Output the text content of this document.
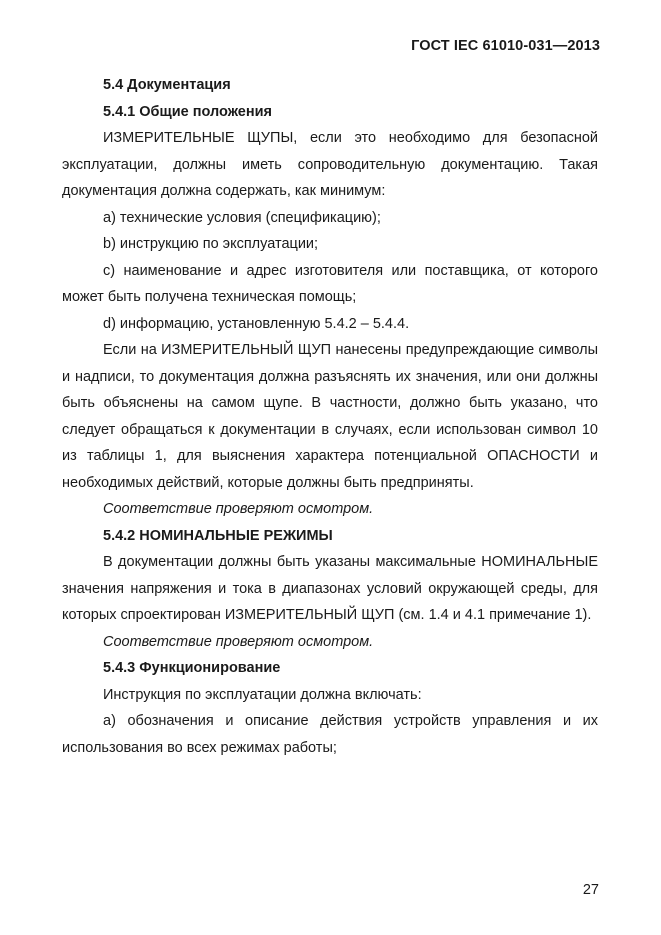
ГОСТ IEC 61010-031—2013

5.4 Документация

5.4.1 Общие положения

ИЗМЕРИТЕЛЬНЫЕ ЩУПЫ, если это необходимо для безопасной эксплуатации, должны иметь сопроводительную документацию. Такая документация должна содержать, как минимум:

a) технические условия (спецификацию);

b) инструкцию по эксплуатации;

c) наименование и адрес изготовителя или поставщика, от которого может быть получена техническая помощь;

d) информацию, установленную 5.4.2 – 5.4.4.

Если на ИЗМЕРИТЕЛЬНЫЙ ЩУП нанесены предупреждающие символы и надписи, то документация должна разъяснять их значения, или они должны быть объяснены на самом щупе. В частности, должно быть указано, что следует обращаться к документации в случаях, если использован символ 10 из таблицы 1, для выяснения характера потенциальной ОПАСНОСТИ и необходимых действий, которые должны быть предприняты.

Соответствие проверяют осмотром.

5.4.2 НОМИНАЛЬНЫЕ РЕЖИМЫ

В документации должны быть указаны максимальные НОМИНАЛЬНЫЕ значения напряжения и тока в диапазонах условий окружающей среды, для которых спроектирован ИЗМЕРИТЕЛЬНЫЙ ЩУП (см. 1.4 и 4.1 примечание 1).

Соответствие проверяют осмотром.

5.4.3 Функционирование

Инструкция по эксплуатации должна включать:

a) обозначения и описание действия устройств управления и их использования во всех режимах работы;

27
